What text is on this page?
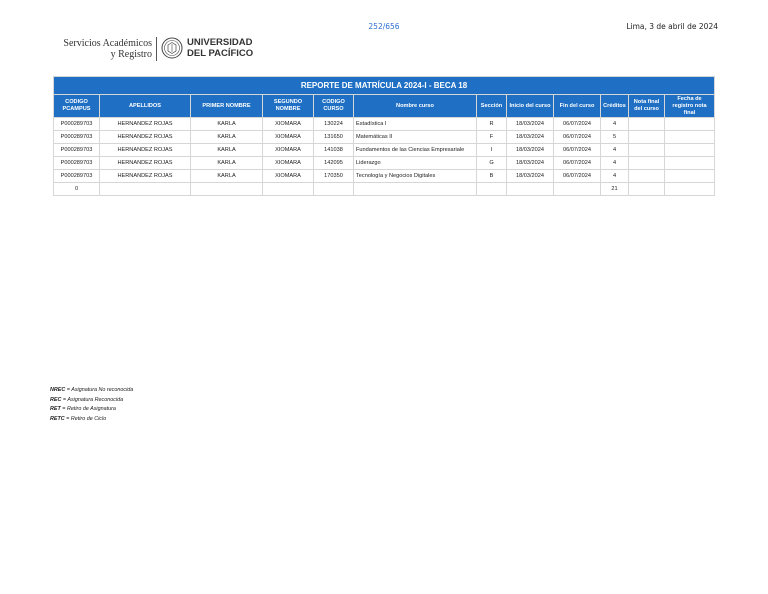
252/656	Lima, 3 de abril de 2024
Servicios Académicos
y Registro
UNIVERSIDAD
DEL PACÍFICO
REPORTE DE MATRÍCULA 2024-I - BECA 18											
CODIGO PCAMPUS	APELLIDOS	PRIMER NOMBRE	SEGUNDO NOMBRE	CODIGO CURSO	Nombre curso	Sección	Inicio del curso	Fin del curso	Créditos	Nota final del curso	Fecha de registro nota final
P000289703	HERNANDEZ ROJAS	KARLA	XIOMARA	130224	Estadística I	R	18/03/2024	06/07/2024	4		
P000289703	HERNANDEZ ROJAS	KARLA	XIOMARA	131650	Matemáticas II	F	18/03/2024	06/07/2024	5		
P000289703	HERNANDEZ ROJAS	KARLA	XIOMARA	141038	Fundamentos de las Ciencias Empresariale	I	18/03/2024	06/07/2024	4		
P000289703	HERNANDEZ ROJAS	KARLA	XIOMARA	142095	Liderazgo	G	18/03/2024	06/07/2024	4		
P000289703	HERNANDEZ ROJAS	KARLA	XIOMARA	170350	Tecnología y Negocios Digitales	B	18/03/2024	06/07/2024	4		
0									21		
NREC = Asignatura No reconocida
REC = Asignatura Reconocida
RET = Retiro de Asignatura
RETC = Retiro de Ciclo
